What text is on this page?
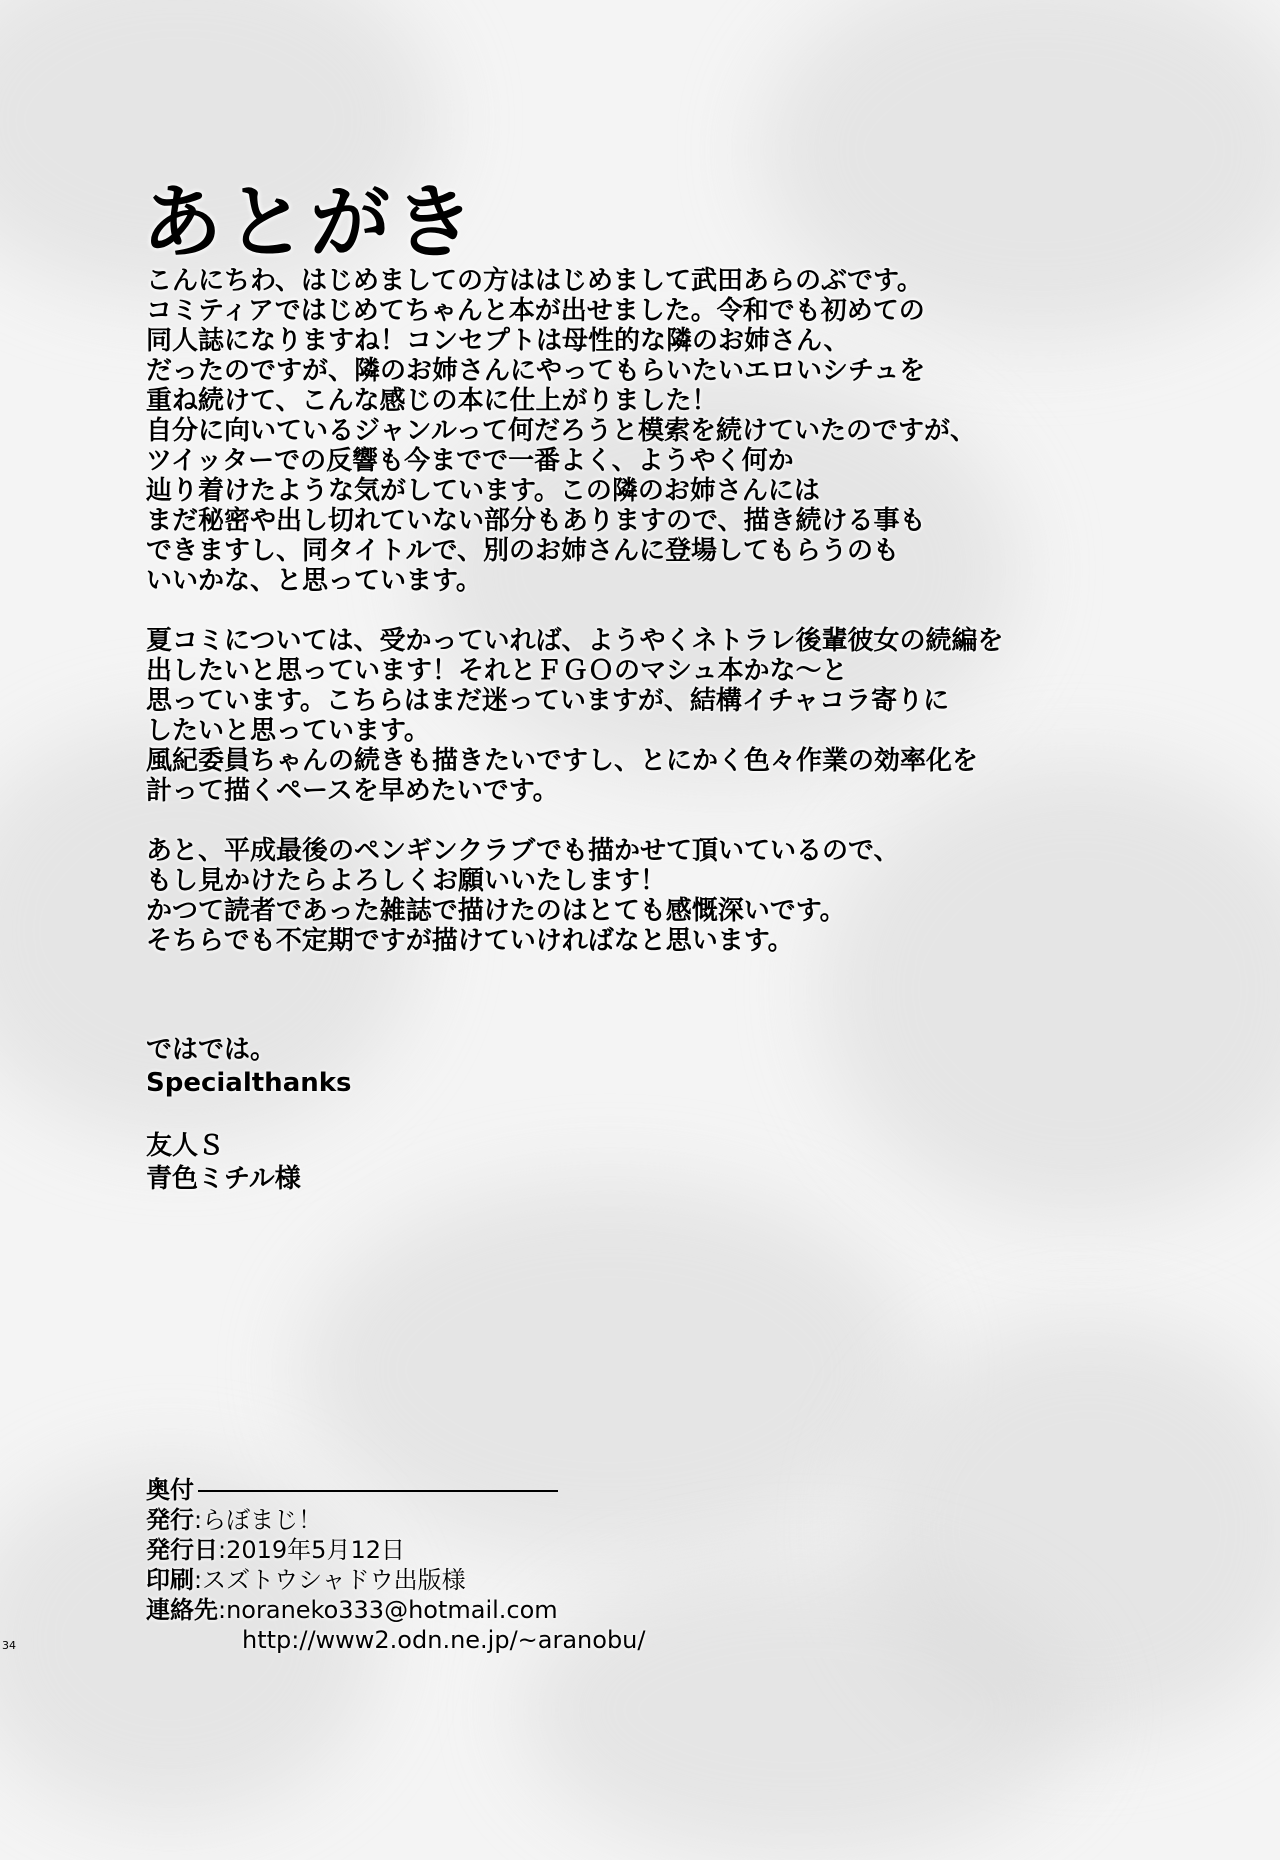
あとがき
こんにちわ、はじめましての方ははじめまして武田あらのぶです。
コミティアではじめてちゃんと本が出せました。令和でも初めての
同人誌になりますね！コンセプトは母性的な隣のお姉さん、
だったのですが、隣のお姉さんにやってもらいたいエロいシチュを
重ね続けて、こんな感じの本に仕上がりました！
自分に向いているジャンルって何だろうと模索を続けていたのですが、
ツイッターでの反響も今までで一番よく、ようやく何か
辿り着けたような気がしています。この隣のお姉さんには
まだ秘密や出し切れていない部分もありますので、描き続ける事も
できますし、同タイトルで、別のお姉さんに登場してもらうのも
いいかな、と思っています。
夏コミについては、受かっていれば、ようやくネトラレ後輩彼女の続編を
出したいと思っています！それとＦＧＯのマシュ本かな〜と
思っています。こちらはまだ迷っていますが、結構イチャコラ寄りに
したいと思っています。
風紀委員ちゃんの続きも描きたいですし、とにかく色々作業の効率化を
計って描くペースを早めたいです。
あと、平成最後のペンギンクラブでも描かせて頂いているので、
もし見かけたらよろしくお願いいたします！
かつて読者であった雑誌で描けたのはとても感慨深いです。
そちらでも不定期ですが描けていければなと思います。
ではでは。
Specialthanks
友人Ｓ
青色ミチル様
奥付
発行:らぼまじ！
発行日:2019年5月12日
印刷:スズトウシャドウ出版様
連絡先:noraneko333@hotmail.com
http://www2.odn.ne.jp/~aranobu/
34
